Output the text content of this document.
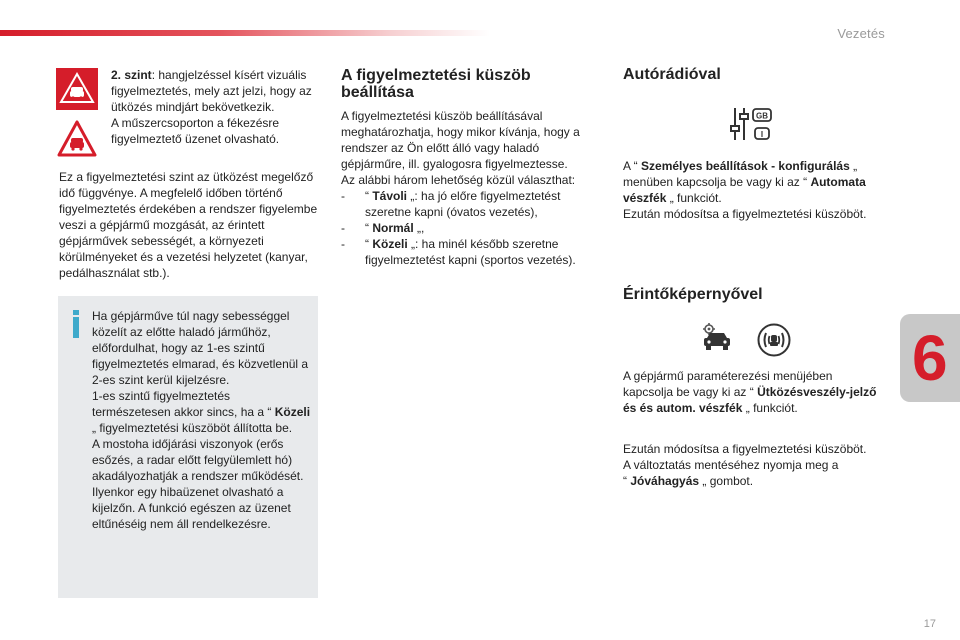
Vezetés
6
2. szint: hangjelzéssel kísért vizuális figyelmeztetés, mely azt jelzi, hogy az ütközés mindjárt bekövetkezik.
A műszercsoporton a fékezésre figyelmeztető üzenet olvasható.
Ez a figyelmeztetési szint az ütközést megelőző idő függvénye. A megfelelő időben történő figyelmeztetés érdekében a rendszer figyelembe veszi a gépjármű mozgását, az érintett gépjárművek sebességét, a környezeti körülményeket és a vezetési helyzetet (kanyar, pedálhasználat stb.).
Ha gépjárműve túl nagy sebességgel közelít az előtte haladó járműhöz, előfordulhat, hogy az 1-es szintű figyelmeztetés elmarad, és közvetlenül a 2-es szint kerül kijelzésre.
1-es szintű figyelmeztetés természetesen akkor sincs, ha a “ Közeli „ figyelmeztetési küszöböt állította be.
A mostoha időjárási viszonyok (erős esőzés, a radar előtt felgyülemlett hó) akadályozhatják a rendszer működését. Ilyenkor egy hibaüzenet olvasható a kijelzőn. A funkció egészen az üzenet eltűnéséig nem áll rendelkezésre.
A figyelmeztetési küszöb beállítása
A figyelmeztetési küszöb beállításával meghatározhatja, hogy mikor kívánja, hogy a rendszer az Ön előtt álló vagy haladó gépjárműre, ill. gyalogosra figyelmeztesse. Az alábbi három lehetőség közül választhat:
- “ Távoli „: ha jó előre figyelmeztetést szeretne kapni (óvatos vezetés),
- “ Normál „,
- “ Közeli „: ha minél később szeretne figyelmeztetést kapni (sportos vezetés).
Autórádióval
GB
I
A “ Személyes beállítások - konfigurálás „ menüben kapcsolja be vagy ki az “ Automata vészfék „ funkciót.
Ezután módosítsa a figyelmeztetési küszöböt.
Érintőképernyővel
A gépjármű paraméterezési menüjében kapcsolja be vagy ki az “ Ütközésveszély-jelző és és autom. vészfék „ funkciót.
Ezután módosítsa a figyelmeztetési küszöböt.
A változtatás mentéséhez nyomja meg a
“ Jóváhagyás „ gombot.
17
